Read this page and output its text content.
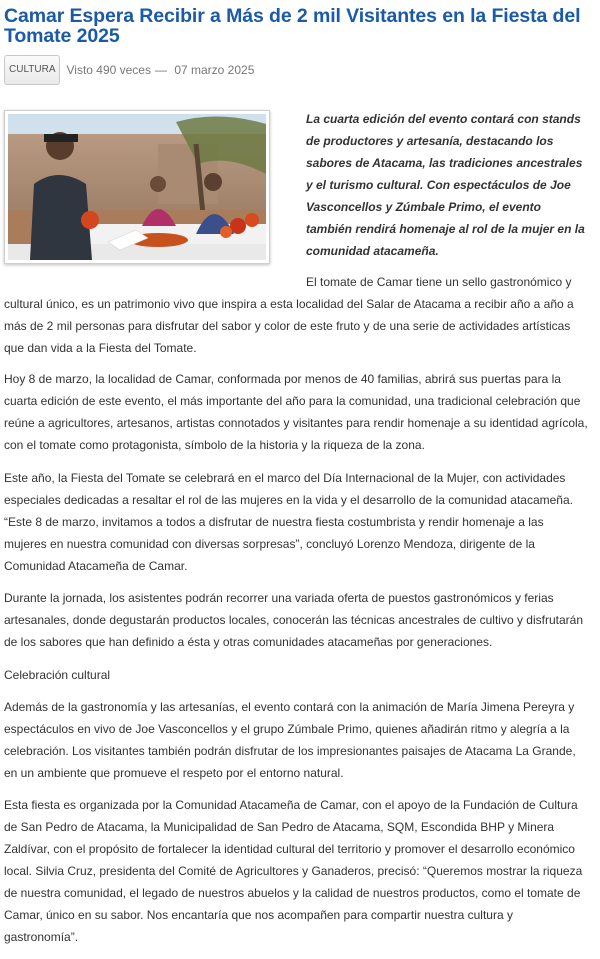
Camar Espera Recibir a Más de 2 mil Visitantes en la Fiesta del Tomate 2025
CULTURA Visto 490 veces — 07 marzo 2025

La cuarta edición del evento contará con stands de productores y artesanía, destacando los sabores de Atacama, las tradiciones ancestrales y el turismo cultural. Con espectáculos de Joe Vasconcellos y Zúmbale Primo, el evento también rendirá homenaje al rol de la mujer en la comunidad atacameña.

El tomate de Camar tiene un sello gastronómico y cultural único, es un patrimonio vivo que inspira a esta localidad del Salar de Atacama a recibir año a año a más de 2 mil personas para disfrutar del sabor y color de este fruto y de una serie de actividades artísticas que dan vida a la Fiesta del Tomate.

Hoy 8 de marzo, la localidad de Camar, conformada por menos de 40 familias, abrirá sus puertas para la cuarta edición de este evento, el más importante del año para la comunidad, una tradicional celebración que reúne a agricultores, artesanos, artistas connotados y visitantes para rendir homenaje a su identidad agrícola, con el tomate como protagonista, símbolo de la historia y la riqueza de la zona.

Este año, la Fiesta del Tomate se celebrará en el marco del Día Internacional de la Mujer, con actividades especiales dedicadas a resaltar el rol de las mujeres en la vida y el desarrollo de la comunidad atacameña. “Este 8 de marzo, invitamos a todos a disfrutar de nuestra fiesta costumbrista y rendir homenaje a las mujeres en nuestra comunidad con diversas sorpresas”, concluyó Lorenzo Mendoza, dirigente de la Comunidad Atacameña de Camar.

Durante la jornada, los asistentes podrán recorrer una variada oferta de puestos gastronómicos y ferias artesanales, donde degustarán productos locales, conocerán las técnicas ancestrales de cultivo y disfrutarán de los sabores que han definido a ésta y otras comunidades atacameñas por generaciones.

Celebración cultural

Además de la gastronomía y las artesanías, el evento contará con la animación de María Jimena Pereyra y espectáculos en vivo de Joe Vasconcellos y el grupo Zúmbale Primo, quienes añadirán ritmo y alegría a la celebración. Los visitantes también podrán disfrutar de los impresionantes paisajes de Atacama La Grande, en un ambiente que promueve el respeto por el entorno natural.

Esta fiesta es organizada por la Comunidad Atacameña de Camar, con el apoyo de la Fundación de Cultura de San Pedro de Atacama, la Municipalidad de San Pedro de Atacama, SQM, Escondida BHP y Minera Zaldívar, con el propósito de fortalecer la identidad cultural del territorio y promover el desarrollo económico local. Silvia Cruz, presidenta del Comité de Agricultores y Ganaderos, precisó: “Queremos mostrar la riqueza de nuestra comunidad, el legado de nuestros abuelos y la calidad de nuestros productos, como el tomate de Camar, único en su sabor. Nos encantaría que nos acompañen para compartir nuestra cultura y gastronomía”.
